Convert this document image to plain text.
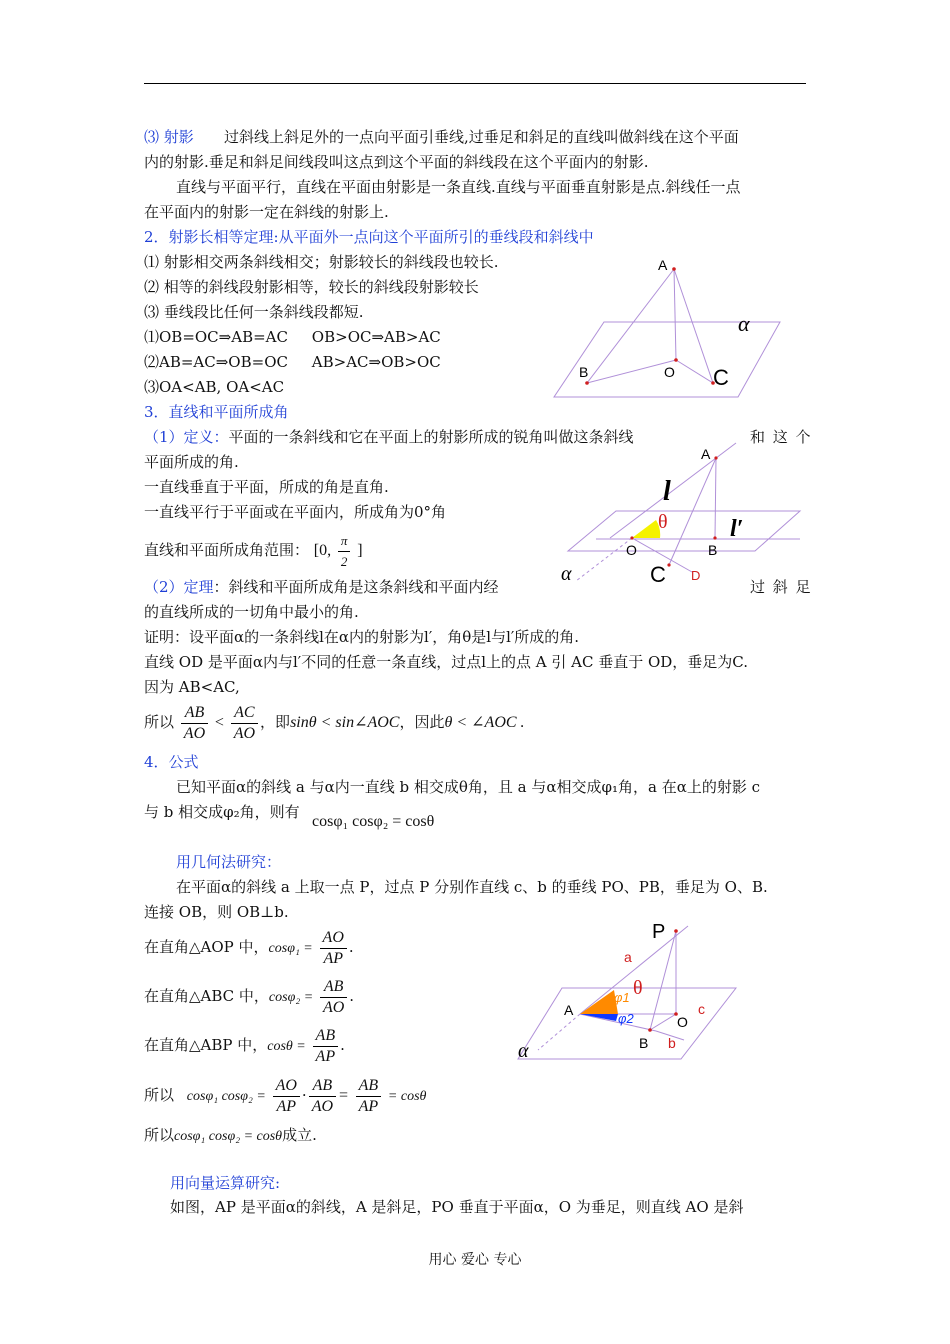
⑶ 射影 过斜线上斜足外的一点向平面引垂线,过垂足和斜足的直线叫做斜线在这个平面
内的射影.垂足和斜足间线段叫这点到这个平面的斜线段在这个平面内的射影.
直线与平面平行，直线在平面由射影是一条直线.直线与平面垂直射影是点.斜线任一点
在平面内的射影一定在斜线的射影上.
2．射影长相等定理:从平面外一点向这个平面所引的垂线段和斜线中
⑴ 射影相交两条斜线相交；射影较长的斜线段也较长.
⑵ 相等的斜线段射影相等，较长的斜线段射影较长
⑶ 垂线段比任何一条斜线段都短.
⑴OB=OC⇒AB=AC     OB>OC⇒AB>AC
⑵AB=AC⇒OB=OC     AB>AC⇒OB>OC
⑶OA<AB, OA<AC
A
B	O C
α
3．直线和平面所成角
（1）定义：平面的一条斜线和它在平面上的射影所成的锐角叫做这条斜线	和 这 个
平面所成的角.
一直线垂直于平面，所成的角是直角.
一直线平行于平面或在平面内，所成角为0°角
直线和平面所成角范围： [0, $\frac{\pi}{2}$ ]
（2）定理：斜线和平面所成角是这条斜线和平面内经	过 斜 足
的直线所成的一切角中最小的角.
A
l
θ	l′
O	B
α	C D
证明：设平面α的一条斜线l在α内的射影为l′，角θ是l与l′所成的角.
直线 OD 是平面α内与l′不同的任意一条直线，过点l上的点 A 引 AC 垂直于 OD，垂足为C.
因为 AB<AC,
所以 $\frac{AB}{AO} < \frac{AC}{AO}$ ，即sinθ < sin∠AOC，因此θ < ∠AOC .
4．公式
已知平面α的斜线 a 与α内一直线 b 相交成θ角，且 a 与α相交成φ₁角，a 在α上的射影 c
与 b 相交成φ₂角，则有
cosφ₁ cosφ₂ = cosθ
用几何法研究：
在平面α的斜线 a 上取一点 P，过点 P 分别作直线 c、b 的垂线 PO、PB，垂足为 O、B.
连接 OB，则 OB⊥b.
在直角△AOP 中，$\cos\varphi_1 = \frac{AO}{AP}$ .
在直角△ABC 中，$\cos\varphi_2 = \frac{AB}{AO}$ .
在直角△ABP 中，$\cos\theta = \frac{AB}{AP}$ .
所以 cosφ₁ $\cos\varphi_2 = \frac{AO}{AP} \cdot \frac{AB}{AO} = \frac{AB}{AP} = \cos\theta$
所以cosφ₁ cosφ₂ = cosθ成立.
P
a
θ
φ1
A
φ2	O
c
B b
α
用向量运算研究:
如图，AP 是平面α的斜线，A 是斜足，PO 垂直于平面α，O 为垂足，则直线 AO 是斜
用心 爱心 专心
